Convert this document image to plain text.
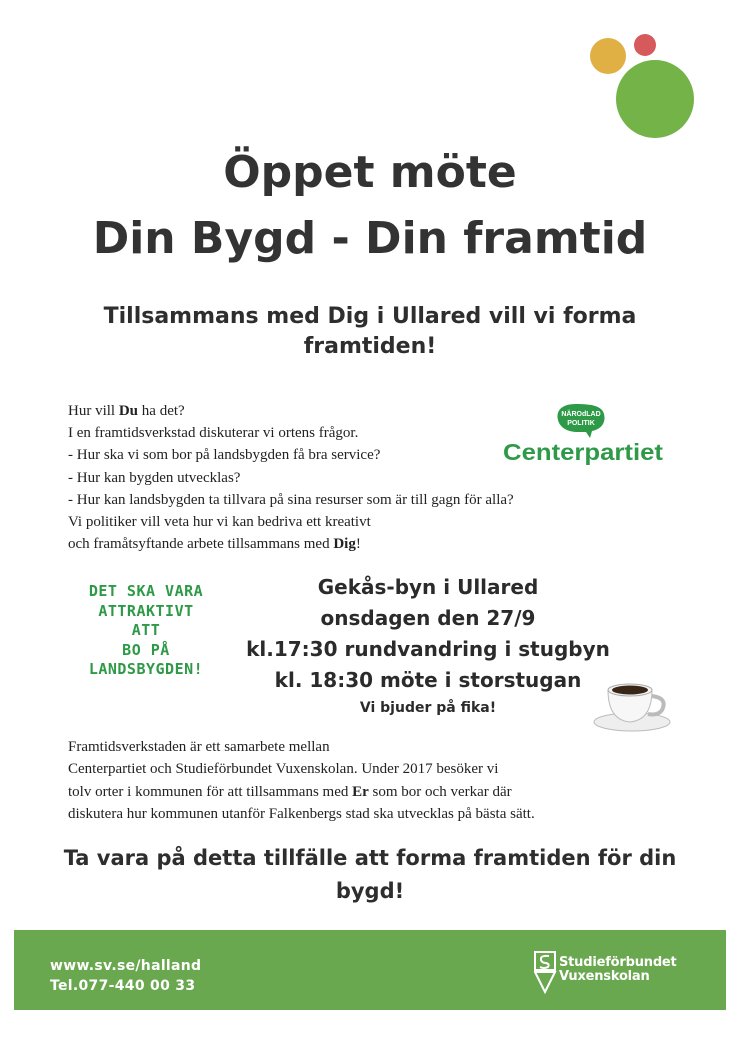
Öppet möte
Din Bygd - Din framtid
Tillsammans med Dig i Ullared vill vi forma framtiden!
Hur vill Du ha det?
I en framtidsverkstad diskuterar vi ortens frågor.
- Hur ska vi som bor på landsbygden få bra service?
- Hur kan bygden utvecklas?
- Hur kan landsbygden ta tillvara på sina resurser som är till gagn för alla?
Vi politiker vill veta hur vi kan bedriva ett kreativt
och framåtsyftande arbete tillsammans med Dig!
NÄROdLAD
POLITIK
Centerpartiet
DET SKA VARA
ATTRAKTIVT
ATT
BO PÅ
LANDSBYGDEN!
Gekås-byn i Ullared
onsdagen den 27/9
kl.17:30 rundvandring i stugbyn
kl. 18:30 möte i storstugan
Vi bjuder på fika!
Framtidsverkstaden är ett samarbete mellan
Centerpartiet och Studieförbundet Vuxenskolan. Under 2017 besöker vi
tolv orter i kommunen för att tillsammans med Er som bor och verkar där
diskutera hur kommunen utanför Falkenbergs stad ska utvecklas på bästa sätt.
Ta vara på detta tillfälle att forma framtiden för din bygd!
www.sv.se/halland
Tel.077-440 00 33
Studieförbundet
Vuxenskolan
